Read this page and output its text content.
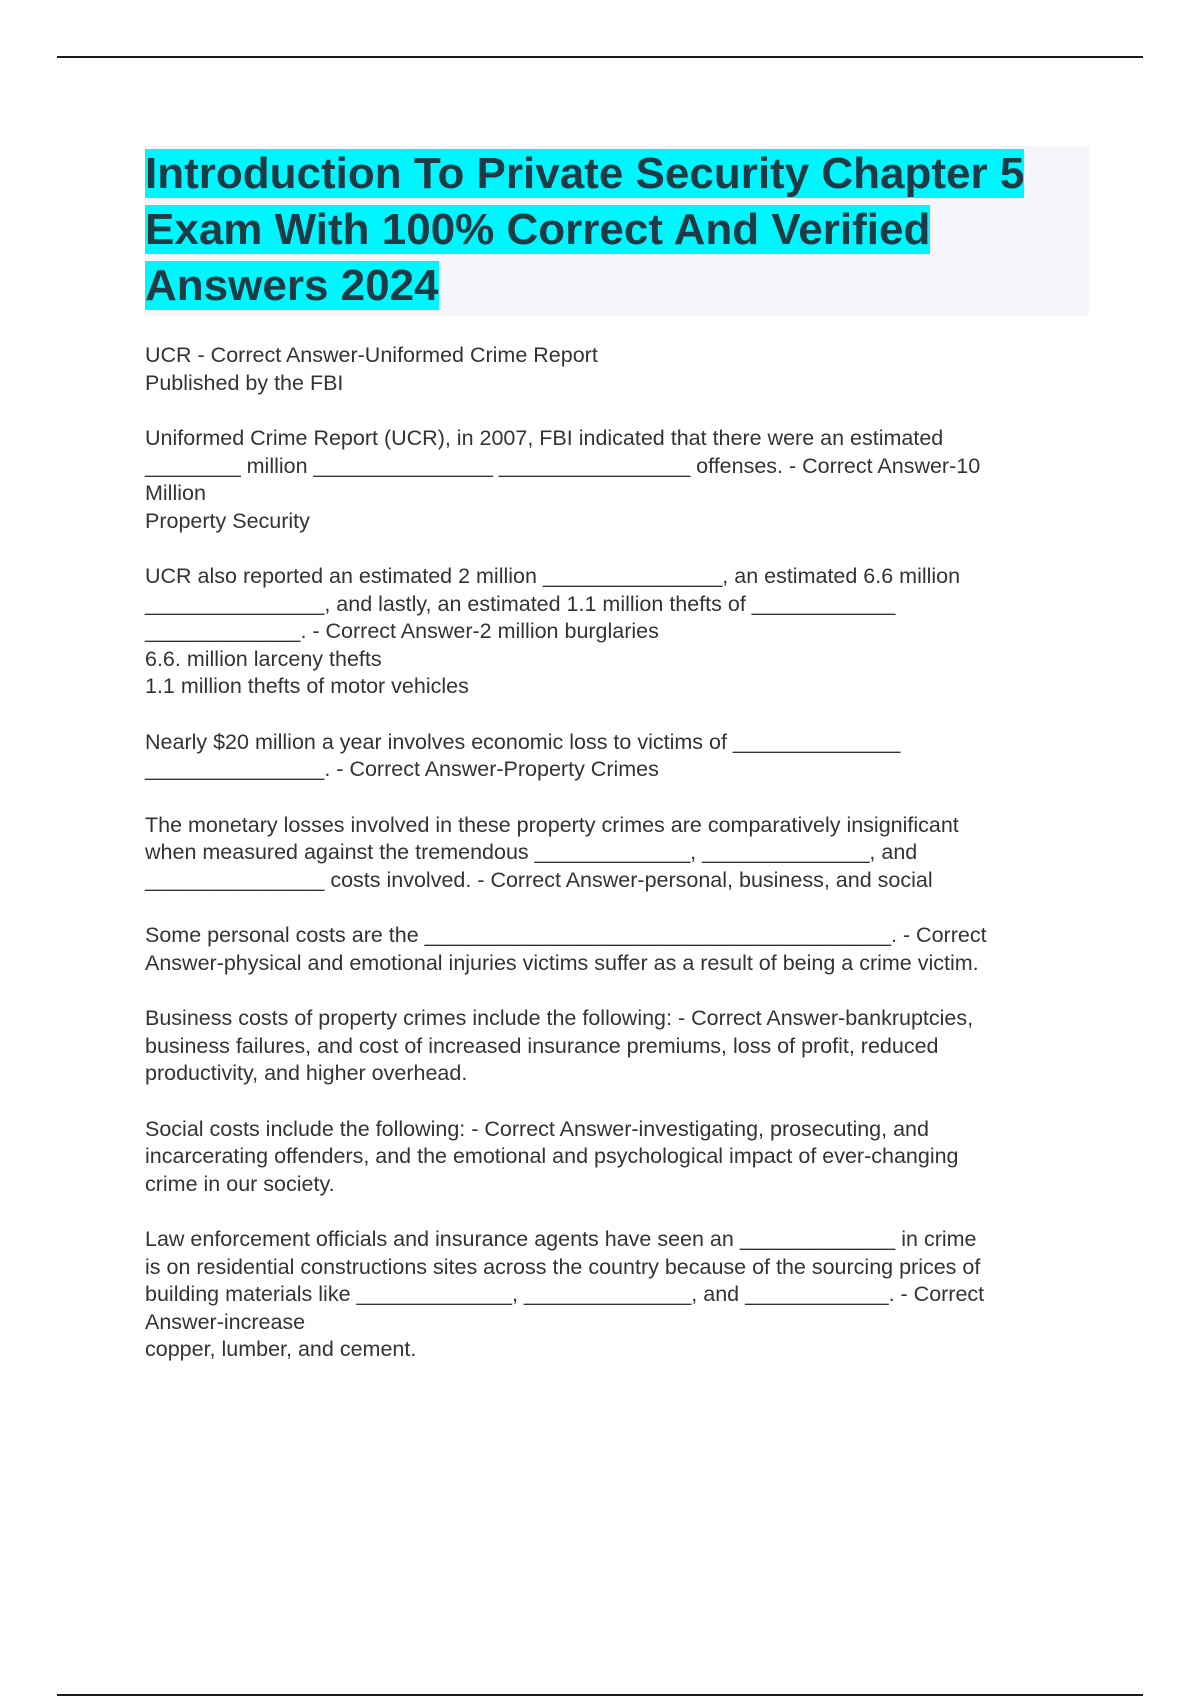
Introduction To Private Security Chapter 5 Exam With 100% Correct And Verified Answers 2024

UCR - Correct Answer-Uniformed Crime Report
Published by the FBI

Uniformed Crime Report (UCR), in 2007, FBI indicated that there were an estimated
________ million _______________ ________________ offenses. - Correct Answer-10
Million
Property Security

UCR also reported an estimated 2 million _______________, an estimated 6.6 million
_______________, and lastly, an estimated 1.1 million thefts of ____________
_____________. - Correct Answer-2 million burglaries
6.6. million larceny thefts
1.1 million thefts of motor vehicles

Nearly $20 million a year involves economic loss to victims of ______________
_______________. - Correct Answer-Property Crimes

The monetary losses involved in these property crimes are comparatively insignificant
when measured against the tremendous _____________, ______________, and
_______________ costs involved. - Correct Answer-personal, business, and social

Some personal costs are the _______________________________________. - Correct
Answer-physical and emotional injuries victims suffer as a result of being a crime victim.

Business costs of property crimes include the following: - Correct Answer-bankruptcies,
business failures, and cost of increased insurance premiums, loss of profit, reduced
productivity, and higher overhead.

Social costs include the following: - Correct Answer-investigating, prosecuting, and
incarcerating offenders, and the emotional and psychological impact of ever-changing
crime in our society.

Law enforcement officials and insurance agents have seen an _____________ in crime
is on residential constructions sites across the country because of the sourcing prices of
building materials like _____________, ______________, and ____________. - Correct
Answer-increase
copper, lumber, and cement.
